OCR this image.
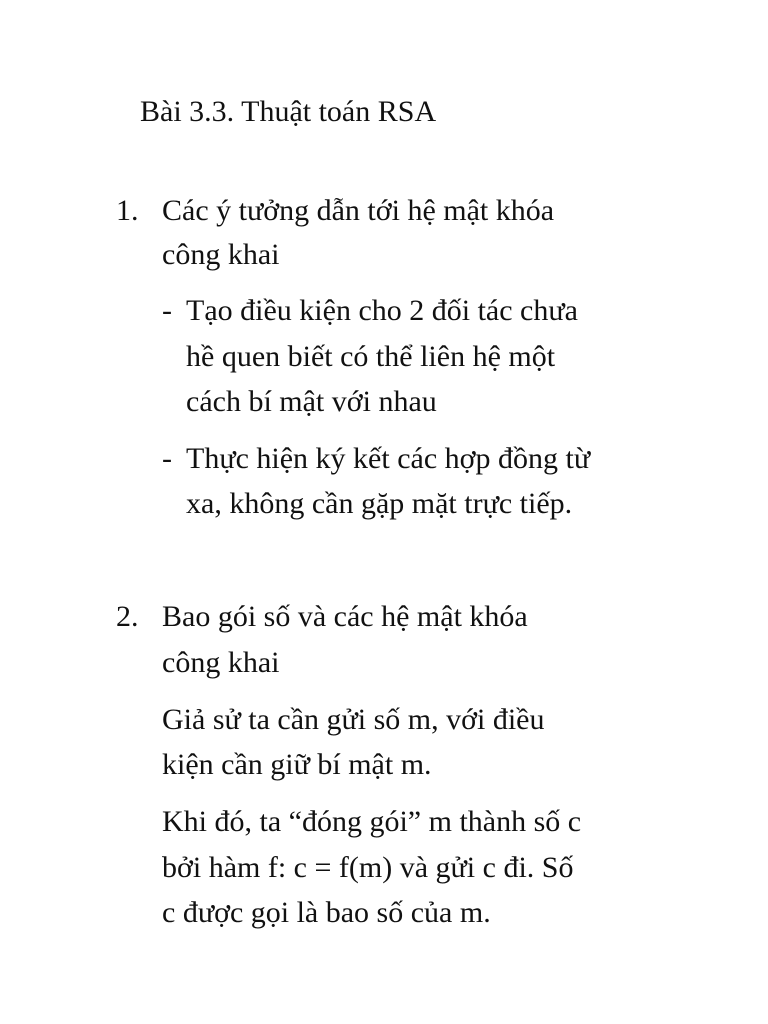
Bài 3.3. Thuật toán RSA
1. Các ý tưởng dẫn tới hệ mật khóa
công khai
- Tạo điều kiện cho 2 đối tác chưa
hề quen biết có thể liên hệ một
cách bí mật với nhau
- Thực hiện ký kết các hợp đồng từ
xa, không cần gặp mặt trực tiếp.
2. Bao gói số và các hệ mật khóa
công khai
Giả sử ta cần gửi số m, với điều
kiện cần giữ bí mật m.
Khi đó, ta “đóng gói” m thành số c
bởi hàm f: c = f(m) và gửi c đi. Số
c được gọi là bao số của m.
